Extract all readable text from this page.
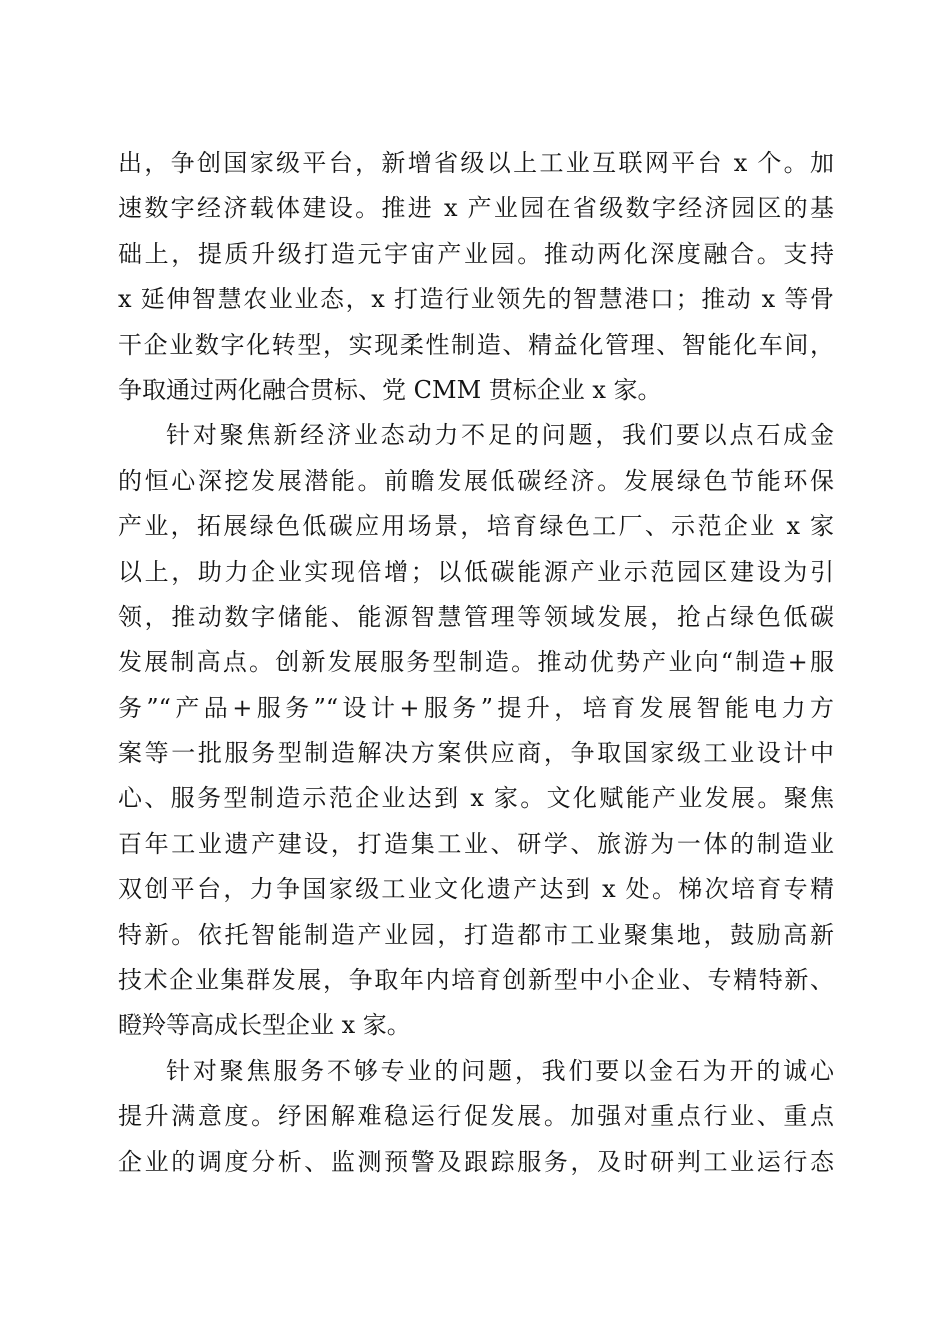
出，争创国家级平台，新增省级以上工业互联网平台 x 个。加
速数字经济载体建设。推进 x 产业园在省级数字经济园区的基
础上，提质升级打造元宇宙产业园。推动两化深度融合。支持
x 延伸智慧农业业态，x 打造行业领先的智慧港口；推动 x 等骨
干企业数字化转型，实现柔性制造、精益化管理、智能化车间，
争取通过两化融合贯标、党 CMM 贯标企业 x 家。
针对聚焦新经济业态动力不足的问题，我们要以点石成金
的恒心深挖发展潜能。前瞻发展低碳经济。发展绿色节能环保
产业，拓展绿色低碳应用场景，培育绿色工厂、示范企业 x 家
以上，助力企业实现倍增；以低碳能源产业示范园区建设为引
领，推动数字储能、能源智慧管理等领域发展，抢占绿色低碳
发展制高点。创新发展服务型制造。推动优势产业向“制造+服
务”“产品+服务”“设计+服务”提升，培育发展智能电力方
案等一批服务型制造解决方案供应商，争取国家级工业设计中
心、服务型制造示范企业达到 x 家。文化赋能产业发展。聚焦
百年工业遗产建设，打造集工业、研学、旅游为一体的制造业
双创平台，力争国家级工业文化遗产达到 x 处。梯次培育专精
特新。依托智能制造产业园，打造都市工业聚集地，鼓励高新
技术企业集群发展，争取年内培育创新型中小企业、专精特新、
瞪羚等高成长型企业 x 家。
针对聚焦服务不够专业的问题，我们要以金石为开的诚心
提升满意度。纾困解难稳运行促发展。加强对重点行业、重点
企业的调度分析、监测预警及跟踪服务，及时研判工业运行态
